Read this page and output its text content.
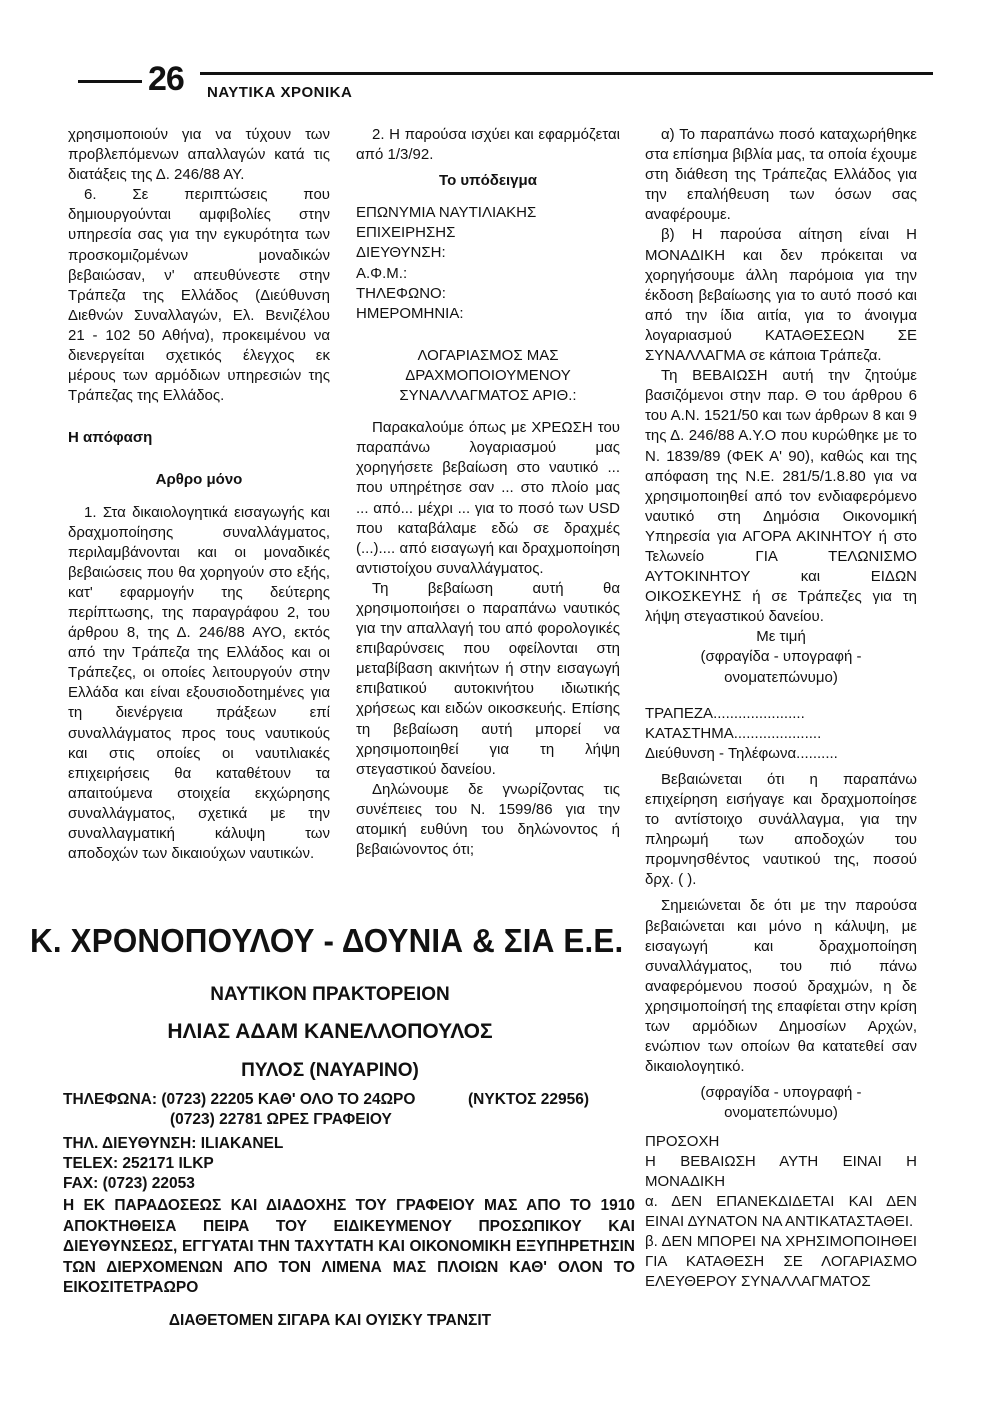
26 ΝΑΥΤΙΚΑ ΧΡΟΝΙΚΑ

χρησιμοποιούν για να τύχουν των προβλεπόμενων απαλλαγών κατά τις διατάξεις της Δ. 246/88 ΑΥ.

6. Σε περιπτώσεις που δημιουργούνται αμφιβολίες στην υπηρεσία σας για την εγκυρότητα των προσκομιζομένων μοναδικών βεβαιώσαν, ν' απευθύνεστε στην Τράπεζα της Ελλάδος (Διεύθυνση Διεθνών Συναλλαγών, Ελ. Βενιζέλου 21 - 102 50 Αθήνα), προκειμένου να διενεργείται σχετικός έλεγχος εκ μέρους των αρμόδιων υπηρεσιών της Τράπεζας της Ελλάδος.

Η απόφαση

Αρθρο μόνο

1. Στα δικαιολογητικά εισαγωγής και δραχμοποίησης συναλλάγματος, περιλαμβάνονται και οι μοναδικές βεβαιώσεις που θα χορηγούν στο εξής, κατ' εφαρμογήν της δεύτερης περίπτωσης, της παραγράφου 2, του άρθρου 8, της Δ. 246/88 ΑΥΟ, εκτός από την Τράπεζα της Ελλάδος και οι Τράπεζες, οι οποίες λειτουργούν στην Ελλάδα και είναι εξουσιοδοτημένες για τη διενέργεια πράξεων επί συναλλάγματος προς τους ναυτικούς και στις οποίες οι ναυτιλιακές επιχειρήσεις θα καταθέτουν τα απαιτούμενα στοιχεία εκχώρησης συναλλάγματος, σχετικά με την συναλλαγματική κάλυψη των αποδοχών των δικαιούχων ναυτικών.

2. Η παρούσα ισχύει και εφαρμόζεται από 1/3/92.

Το υπόδειγμα

ΕΠΩΝΥΜΙΑ ΝΑΥΤΙΛΙΑΚΗΣ

ΕΠΙΧΕΙΡΗΣΗΣ

ΔΙΕΥΘΥΝΣΗ:

Α.Φ.Μ.:

ΤΗΛΕΦΩΝΟ:

ΗΜΕΡΟΜΗΝΙΑ:

ΛΟΓΑΡΙΑΣΜΟΣ ΜΑΣ

ΔΡΑΧΜΟΠΟΙΟΥΜΕΝΟΥ

ΣΥΝΑΛΛΑΓΜΑΤΟΣ ΑΡΙΘ.:

Παρακαλούμε όπως με ΧΡΕΩΣΗ του παραπάνω λογαριασμού μας χορηγήσετε βεβαίωση στο ναυτικό ... που υπηρέτησε σαν ... στο πλοίο μας ... από... μέχρι ... για το ποσό των USD που καταβάλαμε εδώ σε δραχμές (...).... από εισαγωγή και δραχμοποίηση αντιστοίχου συναλλάγματος.

Τη βεβαίωση αυτή θα χρησιμοποιήσει ο παραπάνω ναυτικός για την απαλλαγή του από φορολογικές επιβαρύνσεις που οφείλονται στη μεταβίβαση ακινήτων ή στην εισαγωγή επιβατικού αυτοκινήτου ιδιωτικής χρήσεως και ειδών οικοσκευής. Επίσης τη βεβαίωση αυτή μπορεί να χρησιμοποιηθεί για τη λήψη στεγαστικού δανείου.

Δηλώνουμε δε γνωρίζοντας τις συνέπειες του Ν. 1599/86 για την ατομική ευθύνη του δηλώνοντος ή βεβαιώνοντος ότι;

α) Το παραπάνω ποσό καταχωρήθηκε στα επίσημα βιβλία μας, τα οποία έχουμε στη διάθεση της Τράπεζας Ελλάδος για την επαλήθευση των όσων σας αναφέρουμε.

β) Η παρούσα αίτηση είναι Η ΜΟΝΑΔΙΚΗ και δεν πρόκειται να χορηγήσουμε άλλη παρόμοια για την έκδοση βεβαίωσης για το αυτό ποσό και από την ίδια αιτία, για το άνοιγμα λογαριασμού ΚΑΤΑΘΕΣΕΩΝ ΣΕ ΣΥΝΑΛΛΑΓΜΑ σε κάποια Τράπεζα.

Τη ΒΕΒΑΙΩΣΗ αυτή την ζητούμε βασιζόμενοι στην παρ. Θ του άρθρου 6 του Α.Ν. 1521/50 και των άρθρων 8 και 9 της Δ. 246/88 Α.Υ.Ο που κυρώθηκε με το Ν. 1839/89 (ΦΕΚ Α' 90), καθώς και της απόφαση της Ν.Ε. 281/5/1.8.80 για να χρησιμοποιηθεί από τον ενδιαφερόμενο ναυτικό στη Δημόσια Οικονομική Υπηρεσία για ΑΓΟΡΑ ΑΚΙΝΗΤΟΥ ή στο Τελωνείο ΓΙΑ ΤΕΛΩΝΙΣΜΟ ΑΥΤΟΚΙΝΗΤΟΥ και ΕΙΔΩΝ ΟΙΚΟΣΚΕΥΗΣ ή σε Τράπεζες για τη λήψη στεγαστικού δανείου.

Με τιμή

(σφραγίδα - υπογραφή - ονοματεπώνυμο)

ΤΡΑΠΕΖΑ......................

ΚΑΤΑΣΤΗΜΑ.....................

Διεύθυνση - Τηλέφωνα..........

Βεβαιώνεται ότι η παραπάνω επιχείρηση εισήγαγε και δραχμοποίησε το αντίστοιχο συνάλλαγμα, για την πληρωμή των αποδοχών του προμνησθέντος ναυτικού της, ποσού δρχ. ( ).

Σημειώνεται δε ότι με την παρούσα βεβαιώνεται και μόνο η κάλυψη, με εισαγωγή και δραχμοποίηση συναλλάγματος, του πιό πάνω αναφερόμενου ποσού δραχμών, η δε χρησιμοποίησή της επαφίεται στην κρίση των αρμόδιων Δημοσίων Αρχών, ενώπιον των οποίων θα κατατεθεί σαν δικαιολογητικό.

(σφραγίδα - υπογραφή - ονοματεπώνυμο)

ΠΡΟΣΟΧΗ

Η ΒΕΒΑΙΩΣΗ ΑΥΤΗ ΕΙΝΑΙ Η ΜΟΝΑΔΙΚΗ

α. ΔΕΝ ΕΠΑΝΕΚΔΙΔΕΤΑΙ ΚΑΙ ΔΕΝ ΕΙΝΑΙ ΔΥΝΑΤΟΝ ΝΑ ΑΝΤΙΚΑΤΑΣΤΑΘΕΙ.

β. ΔΕΝ ΜΠΟΡΕΙ ΝΑ ΧΡΗΣΙΜΟΠΟΙΗΘΕΙ ΓΙΑ ΚΑΤΑΘΕΣΗ ΣΕ ΛΟΓΑΡΙΑΣΜΟ ΕΛΕΥΘΕΡΟΥ ΣΥΝΑΛΛΑΓΜΑΤΟΣ

Κ. ΧΡΟΝΟΠΟΥΛΟΥ - ΔΟΥΝΙΑ & ΣΙΑ Ε.Ε.
ΝΑΥΤΙΚΟΝ ΠΡΑΚΤΟΡΕΙΟΝ
ΗΛΙΑΣ ΑΔΑΜ ΚΑΝΕΛΛΟΠΟΥΛΟΣ
ΠΥΛΟΣ (ΝΑΥΑΡΙΝΟ)
ΤΗΛΕΦΩΝΑ: (0723) 22205 ΚΑΘ' ΟΛΟ ΤΟ 24ΩΡΟ	(ΝΥΚΤΟΣ 22956)
(0723) 22781 ΩΡΕΣ ΓΡΑΦΕΙΟΥ
ΤΗΛ. ΔΙΕΥΘΥΝΣΗ: ILIAKANEL
TELEX: 252171 ILKP
FAX: (0723) 22053
Η ΕΚ ΠΑΡΑΔΟΣΕΩΣ ΚΑΙ ΔΙΑΔΟΧΗΣ ΤΟΥ ΓΡΑΦΕΙΟΥ ΜΑΣ ΑΠΟ ΤΟ 1910 ΑΠΟΚΤΗΘΕΙΣΑ ΠΕΙΡΑ ΤΟΥ ΕΙΔΙΚΕΥΜΕΝΟΥ ΠΡΟΣΩΠΙΚΟΥ ΚΑΙ ΔΙΕΥΘΥΝΣΕΩΣ, ΕΓΓΥΑΤΑΙ ΤΗΝ ΤΑΧΥΤΑΤΗ ΚΑΙ ΟΙΚΟΝΟΜΙΚΗ ΕΞΥΠΗΡΕΤΗΣΙΝ ΤΩΝ ΔΙΕΡΧΟΜΕΝΩΝ ΑΠΟ ΤΟΝ ΛΙΜΕΝΑ ΜΑΣ ΠΛΟΙΩΝ ΚΑΘ' ΟΛΟΝ ΤΟ ΕΙΚΟΣΙΤΕΤΡΑΩΡΟ
ΔΙΑΘΕΤΟΜΕΝ ΣΙΓΑΡΑ ΚΑΙ ΟΥΙΣΚΥ ΤΡΑΝΣΙΤ
